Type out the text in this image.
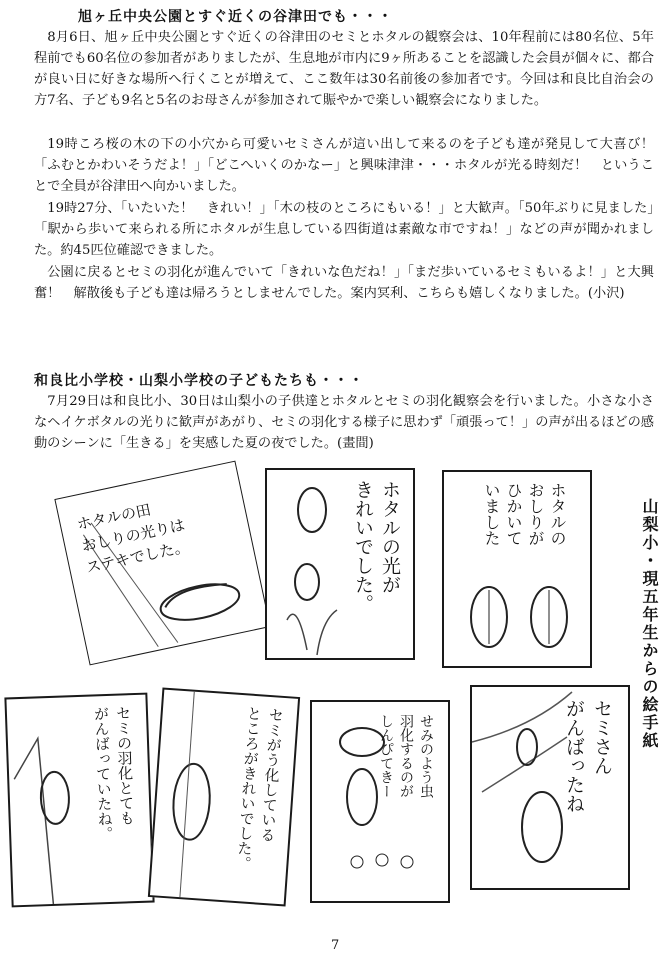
旭ヶ丘中央公園とすぐ近くの谷津田でも・・・

8月6日、旭ヶ丘中央公園とすぐ近くの谷津田のセミとホタルの観察会は、10年程前には80名位、5年程前でも60名位の参加者がありましたが、生息地が市内に9ヶ所あることを認識した会員が個々に、都合が良い日に好きな場所へ行くことが増えて、ここ数年は30名前後の参加者です。今回は和良比自治会の方7名、子ども9名と5名のお母さんが参加されて賑やかで楽しい観察会になりました。

19時ころ桜の木の下の小穴から可愛いセミさんが這い出して来るのを子ども達が発見して大喜び！「ふむとかわいそうだよ！」「どこへいくのかなー」と興味津津・・・ホタルが光る時刻だ！　ということで全員が谷津田へ向かいました。

19時27分、「いたいた！　きれい！」「木の枝のところにもいる！」と大歓声。「50年ぶりに見ました」「駅から歩いて来られる所にホタルが生息している四街道は素敵な市ですね！」などの声が聞かれました。約45匹位確認できました。

公園に戻るとセミの羽化が進んでいて「きれいな色だね！」「まだ歩いているセミもいるよ！」と大興奮！　解散後も子ども達は帰ろうとしませんでした。案内冥利、こちらも嬉しくなりました。(小沢)

和良比小学校・山梨小学校の子どもたちも・・・

7月29日は和良比小、30日は山梨小の子供達とホタルとセミの羽化観察会を行いました。小さな小さなヘイケボタルの光りに歓声があがり、セミの羽化する様子に思わず「頑張って！」の声が出るほどの感動のシーンに「生きる」を実感した夏の夜でした。(畫間)

山梨小・現五年生からの絵手紙
ホタルの田
おしりの光りは
ステキでした。	ホタルの光が
きれいでした。	ホタルの
おしりが
ひかいて
いました
セミの羽化とても
がんばっていたね。	セミがう化している
ところがきれいでした。	せみのよう虫
羽化するのが
しんぴてきー	セミさん
がんばったね
7
